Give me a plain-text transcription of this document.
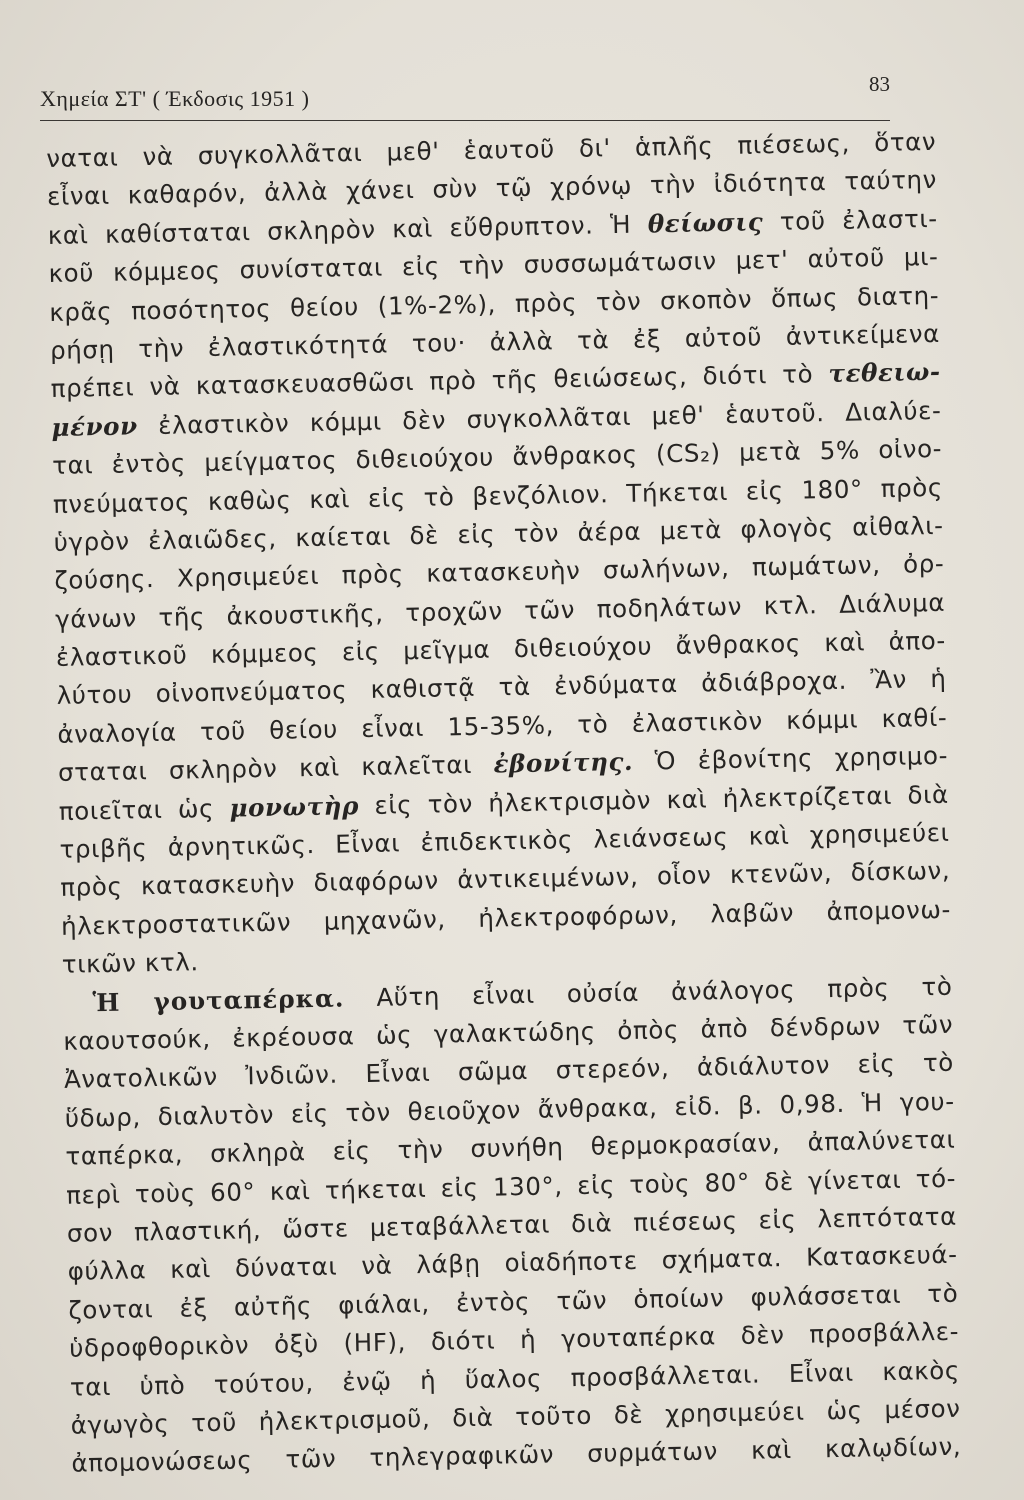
Χημεία ΣΤ' ( Έκδοσις 1951 )
83
ναται νὰ συγκολλᾶται μεθ' ἑαυτοῦ δι' ἁπλῆς πιέσεως, ὅταν
εἶναι καθαρόν, ἀλλὰ χάνει σὺν τῷ χρόνῳ τὴν ἰδιότητα ταύτην
καὶ καθίσταται σκληρὸν καὶ εὔθρυπτον. Ἡ θείωσις τοῦ ἐλαστι-
κοῦ κόμμεος συνίσταται εἰς τὴν συσσωμάτωσιν μετ' αὐτοῦ μι-
κρᾶς ποσότητος θείου (1%-2%), πρὸς τὸν σκοπὸν ὅπως διατη-
ρήσῃ τὴν ἐλαστικότητά του· ἀλλὰ τὰ ἐξ αὐτοῦ ἀντικείμενα
πρέπει νὰ κατασκευασθῶσι πρὸ τῆς θειώσεως, διότι τὸ τεθειω-
μένον ἐλαστικὸν κόμμι δὲν συγκολλᾶται μεθ' ἑαυτοῦ. Διαλύε-
ται ἐντὸς μείγματος διθειούχου ἄνθρακος (CS₂) μετὰ 5% οἰνο-
πνεύματος καθὼς καὶ εἰς τὸ βενζόλιον. Τήκεται εἰς 180° πρὸς
ὑγρὸν ἐλαιῶδες, καίεται δὲ εἰς τὸν ἀέρα μετὰ φλογὸς αἰθαλι-
ζούσης. Χρησιμεύει πρὸς κατασκευὴν σωλήνων, πωμάτων, ὀρ-
γάνων τῆς ἀκουστικῆς, τροχῶν τῶν ποδηλάτων κτλ. Διάλυμα
ἐλαστικοῦ κόμμεος εἰς μεῖγμα διθειούχου ἄνθρακος καὶ ἀπο-
λύτου οἰνοπνεύματος καθιστᾷ τὰ ἐνδύματα ἀδιάβροχα. Ἂν ἡ
ἀναλογία τοῦ θείου εἶναι 15-35%, τὸ ἐλαστικὸν κόμμι καθί-
σταται σκληρὸν καὶ καλεῖται ἐβονίτης. Ὁ ἐβονίτης χρησιμο-
ποιεῖται ὡς μονωτὴρ εἰς τὸν ἠλεκτρισμὸν καὶ ἠλεκτρίζεται διὰ
τριβῆς ἀρνητικῶς. Εἶναι ἐπιδεκτικὸς λειάνσεως καὶ χρησιμεύει
πρὸς κατασκευὴν διαφόρων ἀντικειμένων, οἷον κτενῶν, δίσκων,
ἠλεκτροστατικῶν μηχανῶν, ἠλεκτροφόρων, λαβῶν ἀπομονω-
τικῶν κτλ.
Ἡ γουταπέρκα. Αὕτη εἶναι οὐσία ἀνάλογος πρὸς τὸ
καουτσούκ, ἐκρέουσα ὡς γαλακτώδης ὀπὸς ἀπὸ δένδρων τῶν
Ἀνατολικῶν Ἰνδιῶν. Εἶναι σῶμα στερεόν, ἀδιάλυτον εἰς τὸ
ὕδωρ, διαλυτὸν εἰς τὸν θειοῦχον ἄνθρακα, εἰδ. β. 0,98. Ἡ γου-
ταπέρκα, σκληρὰ εἰς τὴν συνήθη θερμοκρασίαν, ἀπαλύνεται
περὶ τοὺς 60° καὶ τήκεται εἰς 130°, εἰς τοὺς 80° δὲ γίνεται τό-
σον πλαστική, ὥστε μεταβάλλεται διὰ πιέσεως εἰς λεπτότατα
φύλλα καὶ δύναται νὰ λάβῃ οἱαδήποτε σχήματα. Κατασκευά-
ζονται ἐξ αὐτῆς φιάλαι, ἐντὸς τῶν ὁποίων φυλάσσεται τὸ
ὑδροφθορικὸν ὀξὺ (HF), διότι ἡ γουταπέρκα δὲν προσβάλλε-
ται ὑπὸ τούτου, ἐνῷ ἡ ὕαλος προσβάλλεται. Εἶναι κακὸς
ἀγωγὸς τοῦ ἠλεκτρισμοῦ, διὰ τοῦτο δὲ χρησιμεύει ὡς μέσον
ἀπομονώσεως τῶν τηλεγραφικῶν συρμάτων καὶ καλῳδίων,
